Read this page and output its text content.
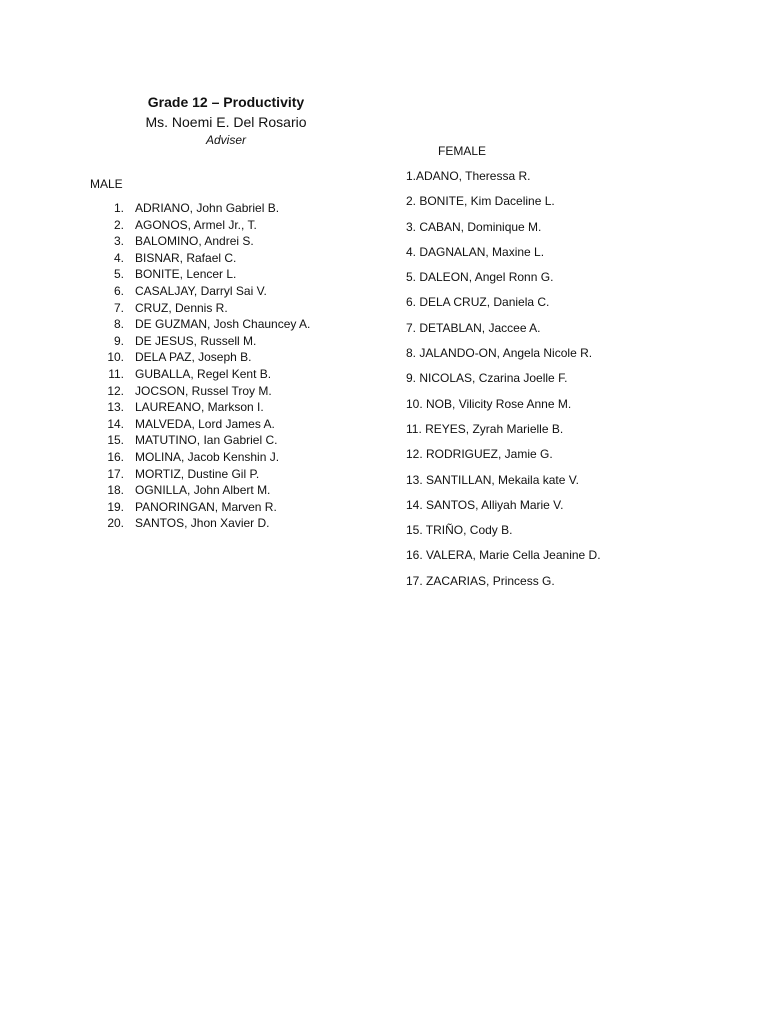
Grade 12 – Productivity

Ms. Noemi E. Del Rosario

Adviser

MALE

1. ADRIANO, John Gabriel B.
2. AGONOS, Armel Jr., T.
3. BALOMINO, Andrei S.
4. BISNAR, Rafael C.
5. BONITE, Lencer L.
6. CASALJAY, Darryl Sai V.
7. CRUZ, Dennis R.
8. DE GUZMAN, Josh Chauncey A.
9. DE JESUS, Russell M.
10. DELA PAZ, Joseph B.
11. GUBALLA, Regel Kent B.
12. JOCSON, Russel Troy M.
13. LAUREANO, Markson I.
14. MALVEDA, Lord James A.
15. MATUTINO, Ian Gabriel C.
16. MOLINA, Jacob Kenshin J.
17. MORTIZ, Dustine Gil P.
18. OGNILLA, John Albert M.
19. PANORINGAN, Marven R.
20. SANTOS, Jhon Xavier D.

FEMALE

1.ADANO, Theressa R.
2. BONITE, Kim Daceline L.
3. CABAN, Dominique M.
4. DAGNALAN, Maxine L.
5. DALEON, Angel Ronn G.
6. DELA CRUZ, Daniela C.
7. DETABLAN, Jaccee A.
8. JALANDO-ON, Angela Nicole R.
9. NICOLAS, Czarina Joelle F.
10. NOB, Vilicity Rose Anne M.
11. REYES, Zyrah Marielle B.
12. RODRIGUEZ, Jamie G.
13. SANTILLAN, Mekaila kate V.
14. SANTOS, Alliyah Marie V.
15. TRIÑO, Cody B.
16. VALERA, Marie Cella Jeanine D.
17. ZACARIAS, Princess G.
